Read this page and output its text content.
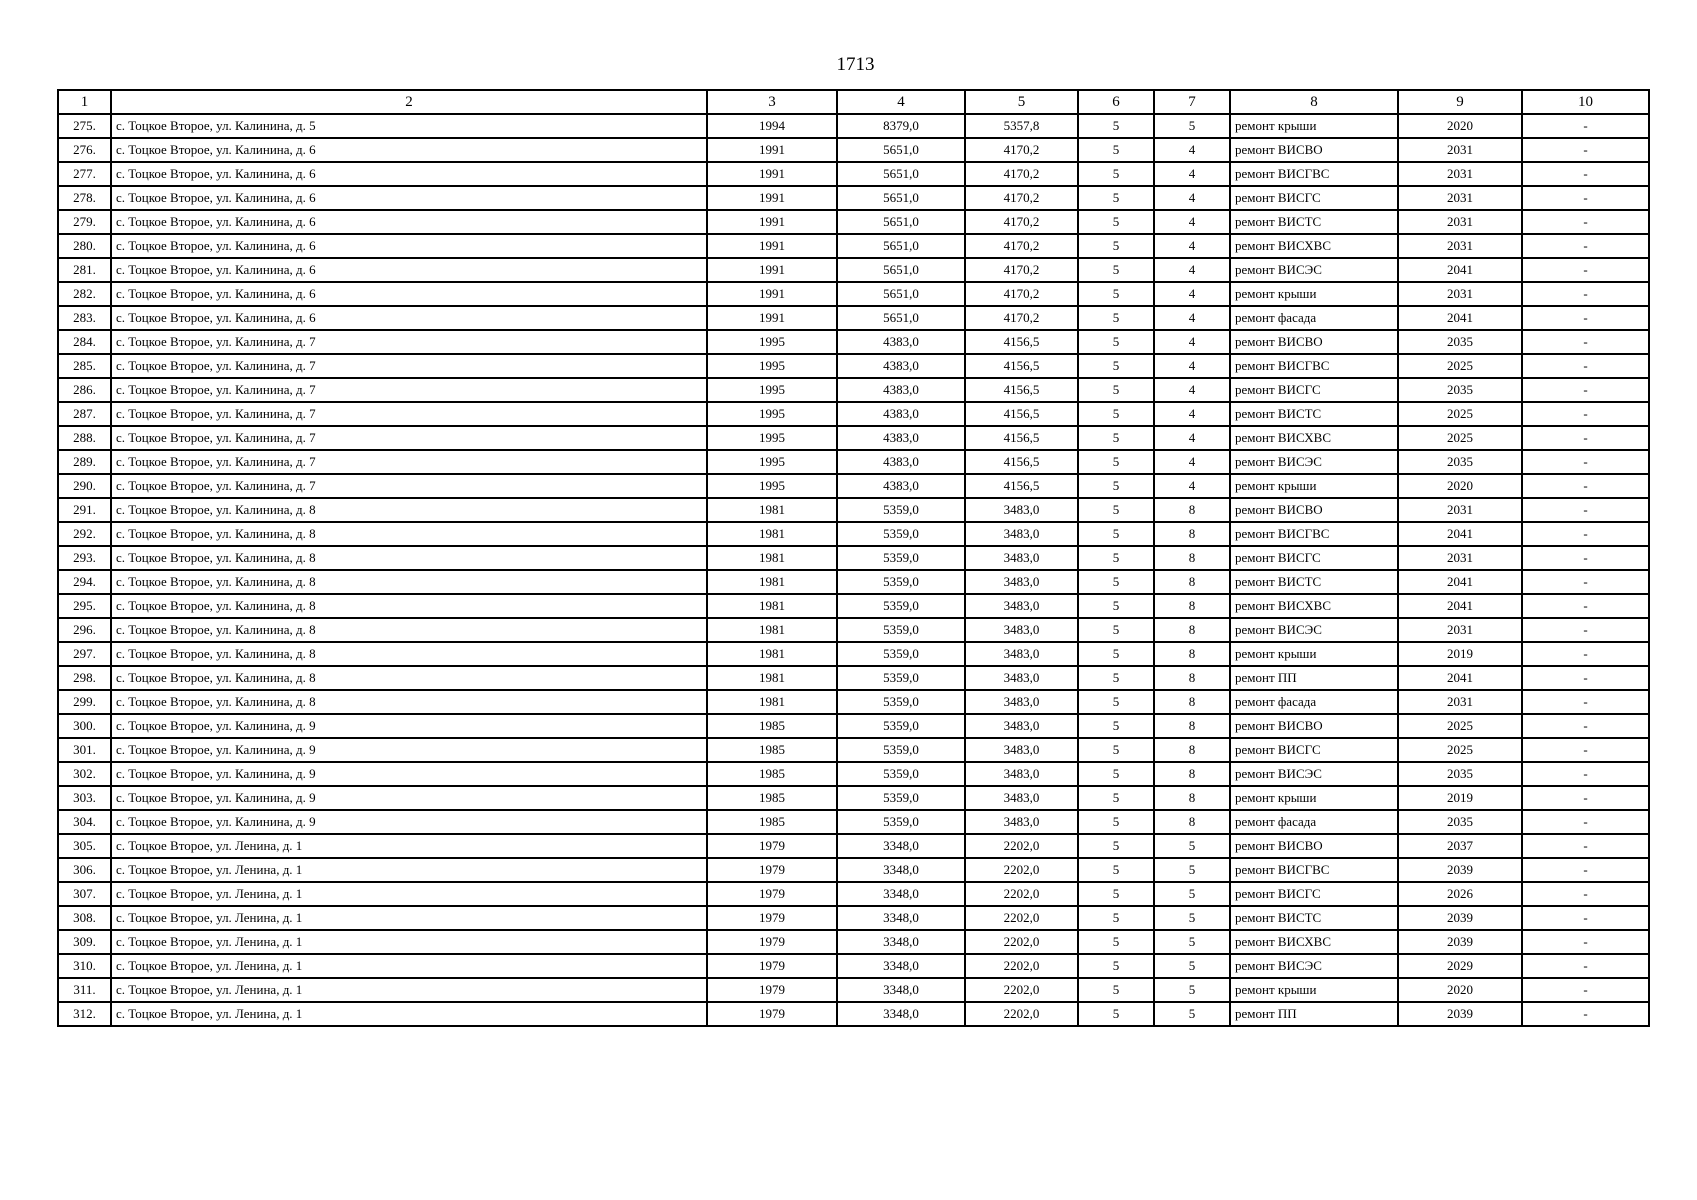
1713
1	2	3	4	5	6	7	8	9	10
275.	с. Тоцкое Второе, ул. Калинина, д. 5	1994	8379,0	5357,8	5	5	ремонт крыши	2020	-
276.	с. Тоцкое Второе, ул. Калинина, д. 6	1991	5651,0	4170,2	5	4	ремонт ВИСВО	2031	-
277.	с. Тоцкое Второе, ул. Калинина, д. 6	1991	5651,0	4170,2	5	4	ремонт ВИСГВС	2031	-
278.	с. Тоцкое Второе, ул. Калинина, д. 6	1991	5651,0	4170,2	5	4	ремонт ВИСГС	2031	-
279.	с. Тоцкое Второе, ул. Калинина, д. 6	1991	5651,0	4170,2	5	4	ремонт ВИСТС	2031	-
280.	с. Тоцкое Второе, ул. Калинина, д. 6	1991	5651,0	4170,2	5	4	ремонт ВИСХВС	2031	-
281.	с. Тоцкое Второе, ул. Калинина, д. 6	1991	5651,0	4170,2	5	4	ремонт ВИСЭС	2041	-
282.	с. Тоцкое Второе, ул. Калинина, д. 6	1991	5651,0	4170,2	5	4	ремонт крыши	2031	-
283.	с. Тоцкое Второе, ул. Калинина, д. 6	1991	5651,0	4170,2	5	4	ремонт фасада	2041	-
284.	с. Тоцкое Второе, ул. Калинина, д. 7	1995	4383,0	4156,5	5	4	ремонт ВИСВО	2035	-
285.	с. Тоцкое Второе, ул. Калинина, д. 7	1995	4383,0	4156,5	5	4	ремонт ВИСГВС	2025	-
286.	с. Тоцкое Второе, ул. Калинина, д. 7	1995	4383,0	4156,5	5	4	ремонт ВИСГС	2035	-
287.	с. Тоцкое Второе, ул. Калинина, д. 7	1995	4383,0	4156,5	5	4	ремонт ВИСТС	2025	-
288.	с. Тоцкое Второе, ул. Калинина, д. 7	1995	4383,0	4156,5	5	4	ремонт ВИСХВС	2025	-
289.	с. Тоцкое Второе, ул. Калинина, д. 7	1995	4383,0	4156,5	5	4	ремонт ВИСЭС	2035	-
290.	с. Тоцкое Второе, ул. Калинина, д. 7	1995	4383,0	4156,5	5	4	ремонт крыши	2020	-
291.	с. Тоцкое Второе, ул. Калинина, д. 8	1981	5359,0	3483,0	5	8	ремонт ВИСВО	2031	-
292.	с. Тоцкое Второе, ул. Калинина, д. 8	1981	5359,0	3483,0	5	8	ремонт ВИСГВС	2041	-
293.	с. Тоцкое Второе, ул. Калинина, д. 8	1981	5359,0	3483,0	5	8	ремонт ВИСГС	2031	-
294.	с. Тоцкое Второе, ул. Калинина, д. 8	1981	5359,0	3483,0	5	8	ремонт ВИСТС	2041	-
295.	с. Тоцкое Второе, ул. Калинина, д. 8	1981	5359,0	3483,0	5	8	ремонт ВИСХВС	2041	-
296.	с. Тоцкое Второе, ул. Калинина, д. 8	1981	5359,0	3483,0	5	8	ремонт ВИСЭС	2031	-
297.	с. Тоцкое Второе, ул. Калинина, д. 8	1981	5359,0	3483,0	5	8	ремонт крыши	2019	-
298.	с. Тоцкое Второе, ул. Калинина, д. 8	1981	5359,0	3483,0	5	8	ремонт ПП	2041	-
299.	с. Тоцкое Второе, ул. Калинина, д. 8	1981	5359,0	3483,0	5	8	ремонт фасада	2031	-
300.	с. Тоцкое Второе, ул. Калинина, д. 9	1985	5359,0	3483,0	5	8	ремонт ВИСВО	2025	-
301.	с. Тоцкое Второе, ул. Калинина, д. 9	1985	5359,0	3483,0	5	8	ремонт ВИСГС	2025	-
302.	с. Тоцкое Второе, ул. Калинина, д. 9	1985	5359,0	3483,0	5	8	ремонт ВИСЭС	2035	-
303.	с. Тоцкое Второе, ул. Калинина, д. 9	1985	5359,0	3483,0	5	8	ремонт крыши	2019	-
304.	с. Тоцкое Второе, ул. Калинина, д. 9	1985	5359,0	3483,0	5	8	ремонт фасада	2035	-
305.	с. Тоцкое Второе, ул. Ленина, д. 1	1979	3348,0	2202,0	5	5	ремонт ВИСВО	2037	-
306.	с. Тоцкое Второе, ул. Ленина, д. 1	1979	3348,0	2202,0	5	5	ремонт ВИСГВС	2039	-
307.	с. Тоцкое Второе, ул. Ленина, д. 1	1979	3348,0	2202,0	5	5	ремонт ВИСГС	2026	-
308.	с. Тоцкое Второе, ул. Ленина, д. 1	1979	3348,0	2202,0	5	5	ремонт ВИСТС	2039	-
309.	с. Тоцкое Второе, ул. Ленина, д. 1	1979	3348,0	2202,0	5	5	ремонт ВИСХВС	2039	-
310.	с. Тоцкое Второе, ул. Ленина, д. 1	1979	3348,0	2202,0	5	5	ремонт ВИСЭС	2029	-
311.	с. Тоцкое Второе, ул. Ленина, д. 1	1979	3348,0	2202,0	5	5	ремонт крыши	2020	-
312.	с. Тоцкое Второе, ул. Ленина, д. 1	1979	3348,0	2202,0	5	5	ремонт ПП	2039	-
